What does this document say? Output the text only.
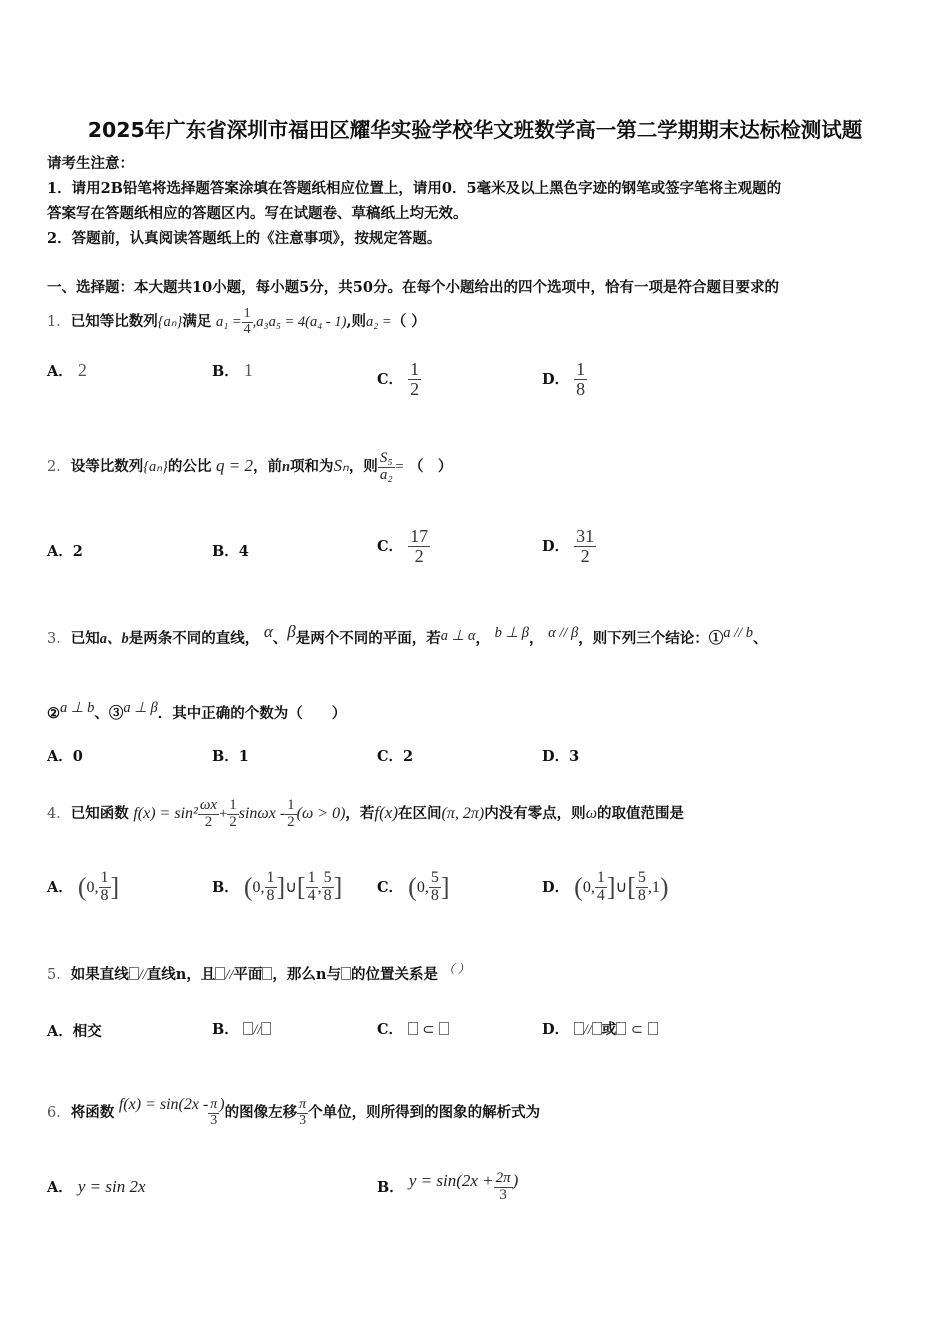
2025年广东省深圳市福田区耀华实验学校华文班数学高一第二学期期末达标检测试题
请考生注意：
1．请用2B铅笔将选择题答案涂填在答题纸相应位置上，请用0．5毫米及以上黑色字迹的钢笔或签字笔将主观题的
答案写在答题纸相应的答题区内。写在试题卷、草稿纸上均无效。
2．答题前，认真阅读答题纸上的《注意事项》，按规定答题。
一、选择题：本大题共10小题，每小题5分，共50分。在每个小题给出的四个选项中，恰有一项是符合题目要求的
1．已知等比数列{aₙ}满足 $a_1 = \frac{1}{4} ,a_3a_5 = 4(a_4 - 1)$,则a₂ =（ ）
A． 2	B． 1	C． $\frac{1}{2}$	D． $\frac{1}{8}$
2．设等比数列{aₙ}的公比 q = 2，前n项和为Sₙ，则 $\frac{\text{S₅}}{\text{a₂}}$ = （　）
A．2	B．4	C． $\frac{17}{2}$	D． $\frac{31}{2}$
3．已知a、b是两条不同的直线， α、β是两个不同的平面，若a ⊥ α， b ⊥ β， α // β，则下列三个结论：①a // b、
②a ⊥ b、③a ⊥ β．其中正确的个数为（　　）
A．0	B．1	C．2	D．3
4．已知函数 $f(x) = \sin^2 \frac{\omega x}{2} + \frac{1}{2}$ $\sin\omega x - \frac{1}{2} (\omega > 0)$，若f(x)在区间(π, 2π)内没有零点，则ω的取值范围是
A． (0, $\frac{1}{8}$ ]	B． (0, $\frac{1}{8}$ ]∪[ $\frac{1}{4}$ , $\frac{5}{8}$ ] C． (0, $\frac{5}{8}$ ]	D． (0, $\frac{1}{4}$ ]∪[ $\frac{5}{8} ,1$)
5．如果直线 //直线n，且 //平面 ，那么n与 的位置关系是 （ ）
A．相交	B． //	C． ⊂	D． // 或 ⊂
6．将函数 $f(x) = \sin(2x - \frac{\pi}{3}$ )的图像左移 $\frac{\pi}{3}$ 个单位，则所得到的图象的解析式为
A． y = sin 2x	B． $y = \sin(2x + \frac{2\pi}{3}$ )
